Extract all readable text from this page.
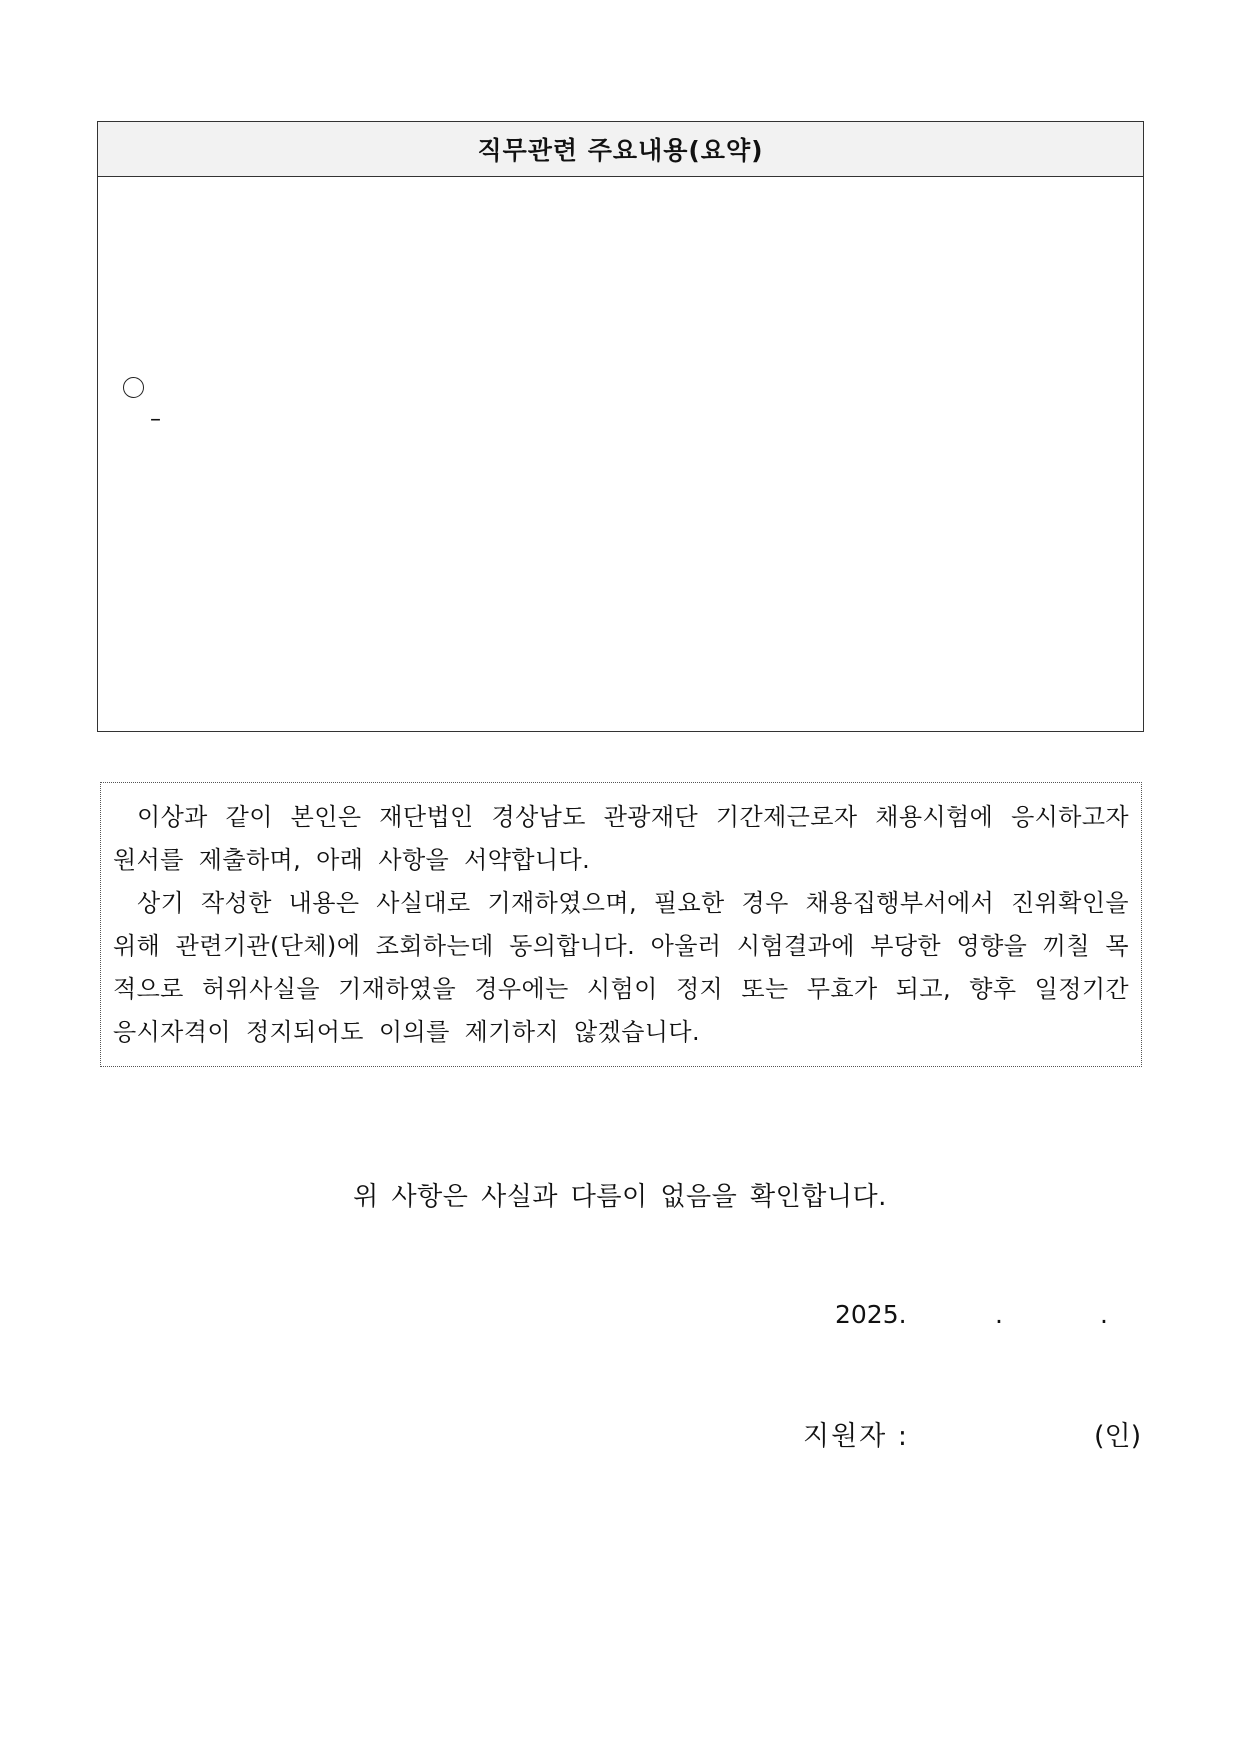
직무관련 주요내용(요약)
–

이상과 같이 본인은 재단법인 경상남도 관광재단 기간제근로자 채용시험에 응시하고자 원서를 제출하며, 아래 사항을 서약합니다.

상기 작성한 내용은 사실대로 기재하였으며, 필요한 경우 채용집행부서에서 진위확인을 위해 관련기관(단체)에 조회하는데 동의합니다. 아울러 시험결과에 부당한 영향을 끼칠 목적으로 허위사실을 기재하였을 경우에는 시험이 정지 또는 무효가 되고, 향후 일정기간 응시자격이 정지되어도 이의를 제기하지 않겠습니다.

위 사항은 사실과 다름이 없음을 확인합니다.
2025.	.	.
지원자 :	(인)
